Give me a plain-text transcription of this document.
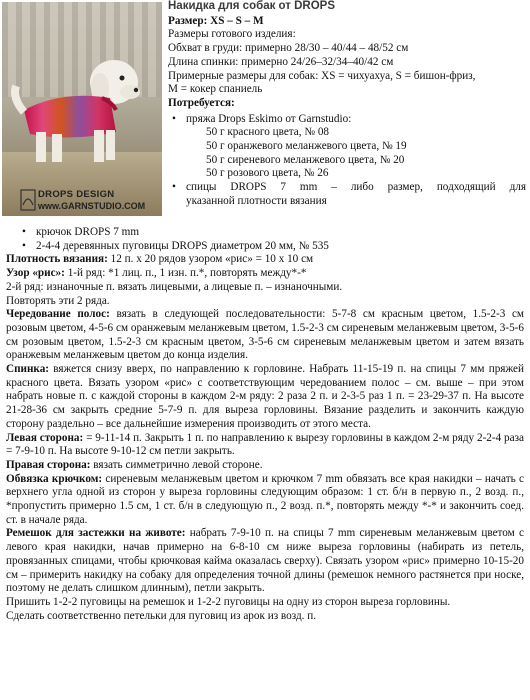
DROPS DESIGN
www.GARNSTUDIO.COM

Накидка для собак от DROPS
Размер: XS – S – M
Размеры готового изделия:
Обхват в груди: примерно 28/30 – 40/44 – 48/52 см
Длина спинки: примерно 24/26–32/34–40/42 см
Примерные размеры для собак: XS = чихуахуа, S = бишон-фриз,
M = кокер спаниель
Потребуется:
• пряжа Drops Eskimo от Garnstudio:
50 г красного цвета, № 08
50 г оранжевого меланжевого цвета, № 19
50 г сиреневого меланжевого цвета, № 20
50 г розового цвета, № 26
• спицы DROPS 7 mm – либо размер, подходящий для
указанной плотности вязания
• крючок DROPS 7 mm
• 2-4-4 деревянных пуговицы DROPS диаметром 20 мм, № 535

Плотность вязания: 12 п. x 20 рядов узором «рис» = 10 x 10 см

Узор «рис»: 1-й ряд: *1 лиц. п., 1 изн. п.*, повторять между*-*

2-й ряд: изнаночные п. вязать лицевыми, а лицевые п. – изнаночными.

Повторять эти 2 ряда.

Чередование полос: вязать в следующей последовательности: 5-7-8 см красным цветом, 1.5-2-3 см розовым цветом, 4-5-6 см оранжевым меланжевым цветом, 1.5-2-3 см сиреневым меланжевым цветом, 3-5-6 см розовым цветом, 1.5-2-3 см красным цветом, 3-5-6 см сиреневым меланжевым цветом и затем вязать оранжевым меланжевым цветом до конца изделия.

Спинка: вяжется снизу вверх, по направлению к горловине. Набрать 11-15-19 п. на спицы 7 мм пряжей красного цвета. Вязать узором «рис» с соответствующим чередованием полос – см. выше – при этом набрать новые п. с каждой стороны в каждом 2-м ряду: 2 раза 2 п. и 2-3-5 раз 1 п. = 23-29-37 п. На высоте 21-28-36 см закрыть средние 5-7-9 п. для выреза горловины. Вязание разделить и закончить каждую сторону раздельно – все дальнейшие измерения производить от этого места.

Левая сторона: = 9-11-14 п. Закрыть 1 п. по направлению к вырезу горловины в каждом 2-м ряду 2-2-4 раза = 7-9-10 п. На высоте 9-10-12 см петли закрыть.

Правая сторона: вязать симметрично левой стороне.

Обвязка крючком: сиреневым меланжевым цветом и крючком 7 mm обвязать все края накидки – начать с верхнего угла одной из сторон у выреза горловины следующим образом: 1 ст. б/н в первую п., 2 возд. п., *пропустить примерно 1.5 см, 1 ст. б/н в следующую п., 2 возд. п.*, повторять между *-* и закончить соед. ст. в начале ряда.

Ремешок для застежки на животе: набрать 7-9-10 п. на спицы 7 mm сиреневым меланжевым цветом с левого края накидки, начав примерно на 6-8-10 см ниже выреза горловины (набирать из петель, провязанных спицами, чтобы крючковая кайма оказалась сверху). Связать узором «рис» примерно 10-15-20 см – примерить накидку на собаку для определения точной длины (ремешок немного растянется при носке, поэтому не делать слишком длинным), петли закрыть.

Пришить 1-2-2 пуговицы на ремешок и 1-2-2 пуговицы на одну из сторон выреза горловины.

Сделать соответственно петельки для пуговиц из арок из возд. п.
